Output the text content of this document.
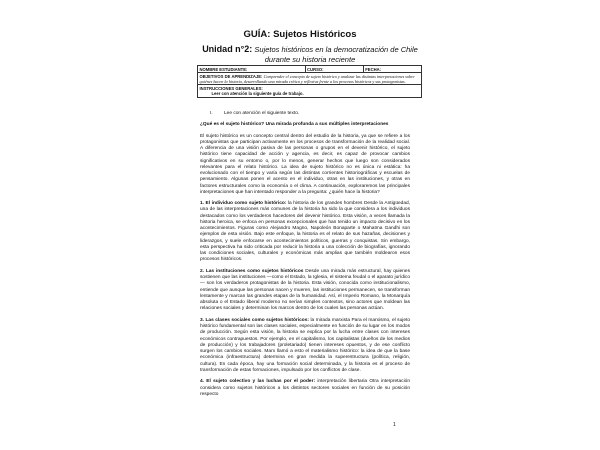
GUÍA: Sujetos Históricos
Unidad n°2: Sujetos históricos en la democratización de Chile durante su historia reciente
NOMBRE ESTUDIANTE:	CURSO:	FECHA:
OBJETIVOS DE APRENDIZAJE: Comprender el concepto de sujeto histórico y analizar las distintas interpretaciones sobre quiénes hacen la historia, desarrollando una mirada crítica y reflexiva frente a los procesos históricos y sus protagonistas.

INSTRUCCIONES GENERALES:
Leer con atención la siguiente guía de trabajo.
I. Lee con atención el siguiente texto.
¿Qué es el sujeto histórico? Una mirada profunda a sus múltiples interpretaciones

El sujeto histórico es un concepto central dentro del estudio de la historia, ya que se refiere a los protagonistas que participan activamente en los procesos de transformación de la realidad social. A diferencia de una visión pasiva de las personas o grupos en el devenir histórico, el sujeto histórico tiene capacidad de acción y agencia, es decir, es capaz de provocar cambios significativos en su entorno o, por lo menos, generar hechos que luego son considerados relevantes para el relato histórico. La idea de sujeto histórico no es única ni estática: ha evolucionado con el tiempo y varía según las distintas corrientes historiográficas y escuelas de pensamiento. Algunas ponen el acento en el individuo, otras en las instituciones, y otras en factores estructurales como la economía o el clima. A continuación, exploraremos las principales interpretaciones que han intentado responder a la pregunta: ¿quién hace la historia?

1. El individuo como sujeto histórico: la historia de los grandes hombres Desde la Antigüedad, una de las interpretaciones más comunes de la historia ha sido la que considera a los individuos destacados como los verdaderos hacedores del devenir histórico. Esta visión, a veces llamada la historia heroica, se enfoca en personas excepcionales que han tenido un impacto decisivo en los acontecimientos. Figuras como Alejandro Magno, Napoleón Bonaparte o Mahatma Gandhi son ejemplos de esta visión. Bajo este enfoque, la historia es el relato de sus hazañas, decisiones y liderazgos, y suele enfocarse en acontecimientos políticos, guerras y conquistas. Sin embargo, esta perspectiva ha sido criticada por reducir la historia a una colección de biografías, ignorando las condiciones sociales, culturales y económicas más amplias que también moldearon esos procesos históricos.

2. Las instituciones como sujetos históricos Desde una mirada más estructural, hay quienes sostienen que las instituciones —como el Estado, la Iglesia, el sistema feudal o el aparato jurídico— son los verdaderos protagonistas de la historia. Esta visión, conocida como institucionalismo, entiende que aunque las personas nacen y mueren, las instituciones permanecen, se transforman lentamente y marcan las grandes etapas de la humanidad. Así, el Imperio Romano, la Monarquía absoluta o el Estado liberal moderno no serían simples contextos, sino actores que moldean las relaciones sociales y determinan los marcos dentro de los cuales las personas actúan.

3. Las clases sociales como sujetos históricos: la mirada marxista Para el marxismo, el sujeto histórico fundamental son las clases sociales, especialmente en función de su lugar en los modos de producción. Según esta visión, la historia se explica por la lucha entre clases con intereses económicos contrapuestos. Por ejemplo, en el capitalismo, los capitalistas (dueños de los medios de producción) y los trabajadores (proletariado) tienen intereses opuestos, y de ese conflicto surgen los cambios sociales. Marx llamó a esto el materialismo histórico: la idea de que la base económica (infraestructura) determina en gran medida la superestructura (política, religión, cultura). En cada época, hay una formación social determinada, y la historia es el proceso de transformación de estas formaciones, impulsado por los conflictos de clase.

4. El sujeto colectivo y las luchas por el poder: interpretación libertaria Otra interpretación considera como sujetos históricos a los distintos sectores sociales en función de su posición respecto

1
